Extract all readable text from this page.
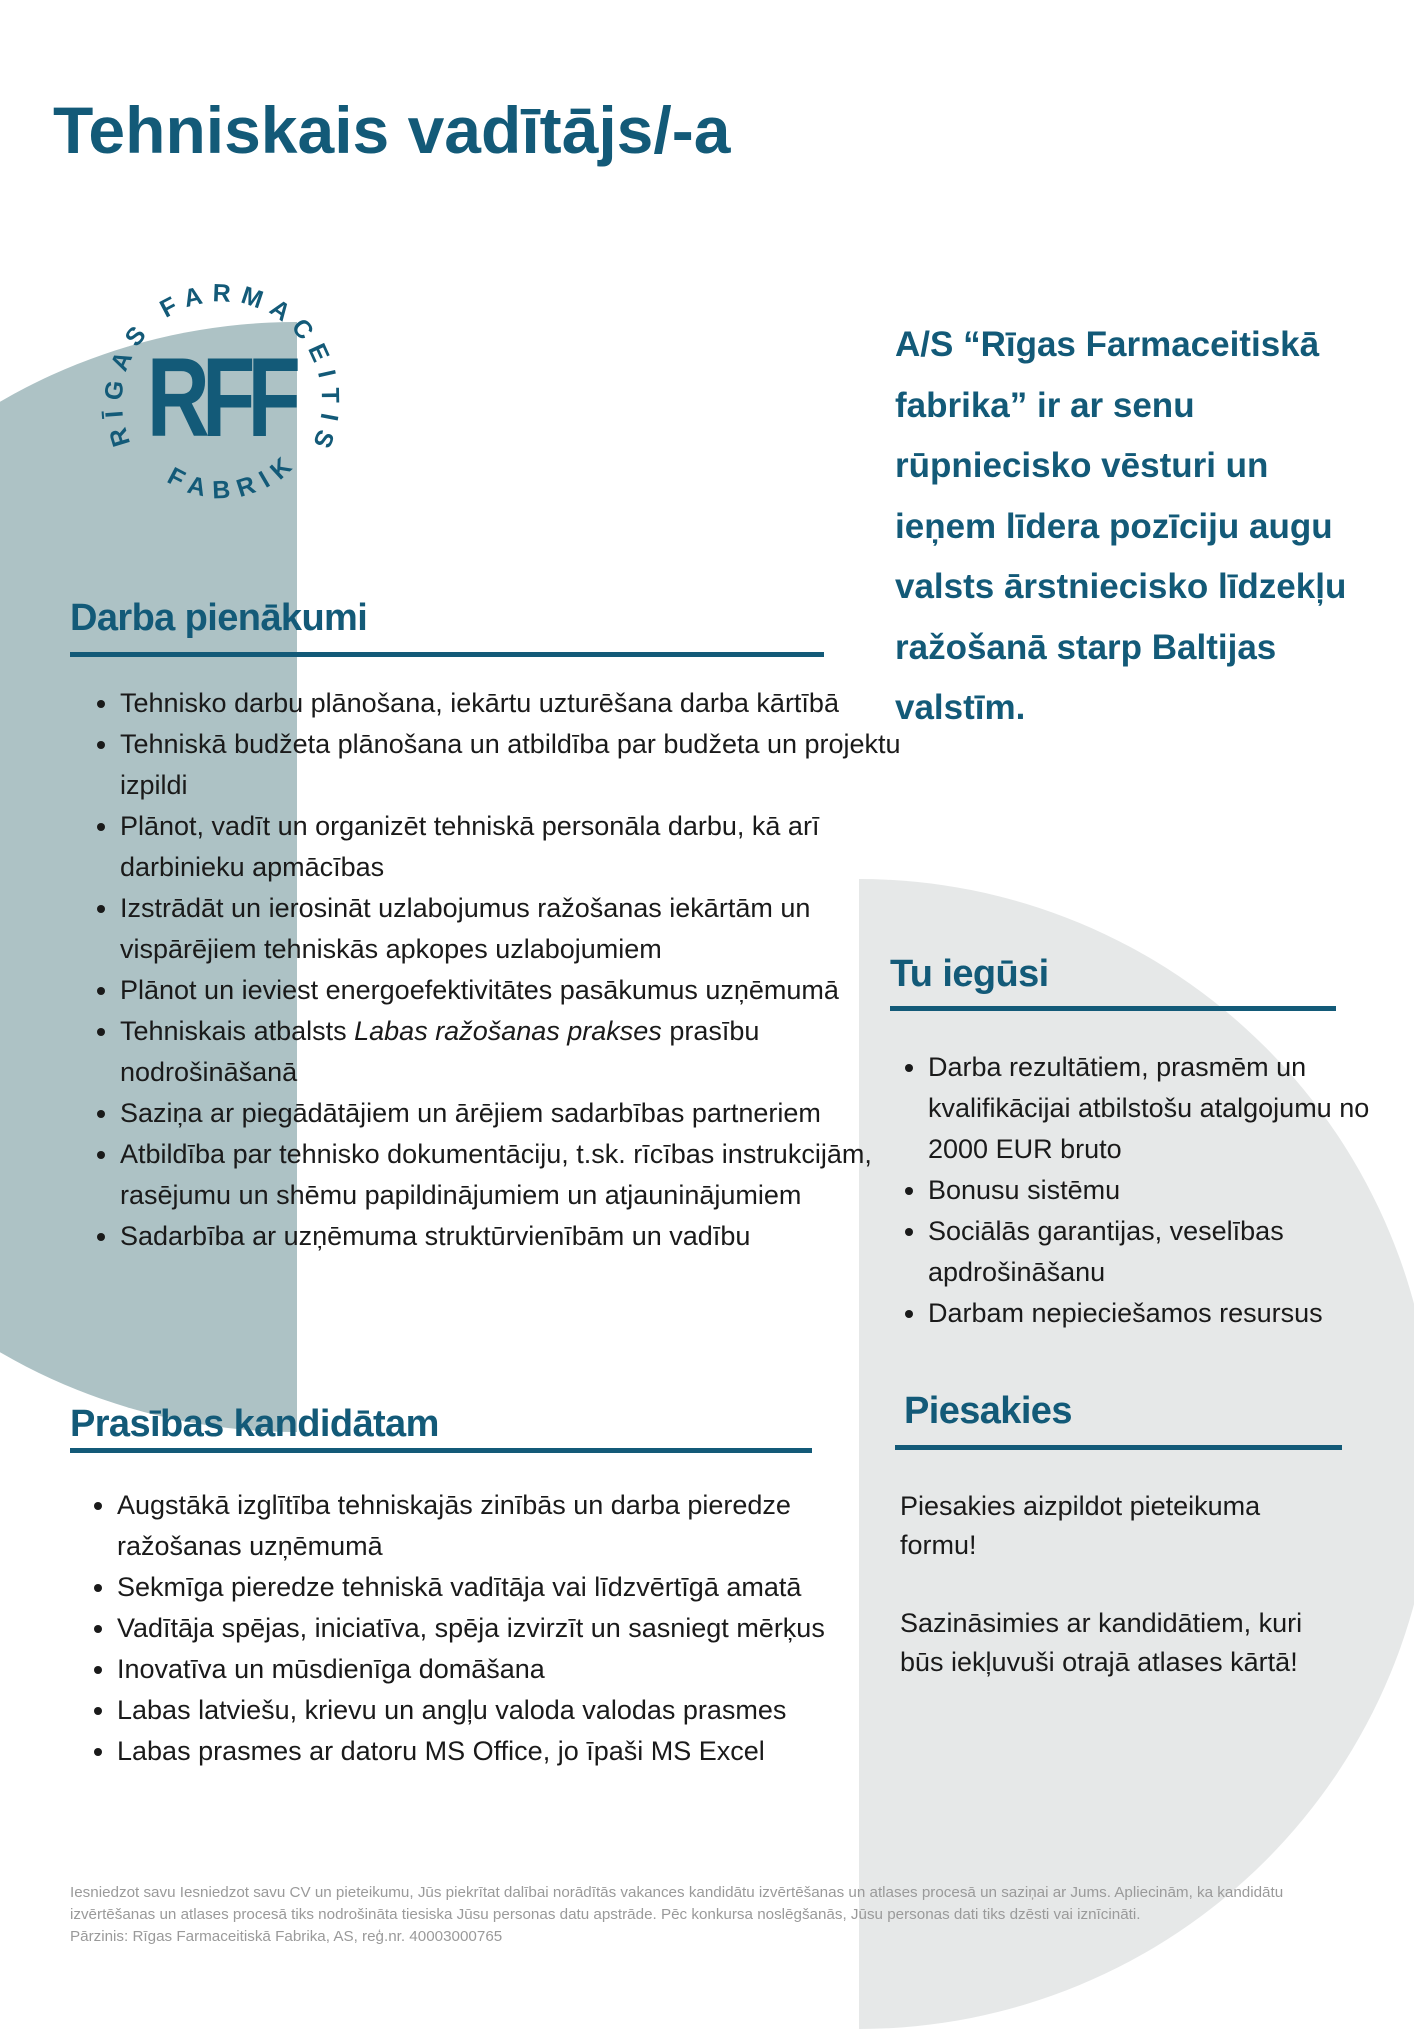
Tehniskais vadītājs/-a
RĪGAS FARMACEITIS
FABRIK
RFF	A/S “Rīgas Farmaceitiskā fabrika” ir ar senu rūpniecisko vēsturi un ieņem līdera pozīciju augu valsts ārstniecisko līdzekļu ražošanā starp Baltijas valstīm.

Darba pienākumi
• Tehnisko darbu plānošana, iekārtu uzturēšana darba kārtībā
• Tehniskā budžeta plānošana un atbildība par budžeta un projektu izpildi
• Plānot, vadīt un organizēt tehniskā personāla darbu, kā arī darbinieku apmācības
• Izstrādāt un ierosināt uzlabojumus ražošanas iekārtām un vispārējiem tehniskās apkopes uzlabojumiem
• Plānot un ieviest energoefektivitātes pasākumus uzņēmumā
• Tehniskais atbalsts Labas ražošanas prakses prasību nodrošināšanā
• Saziņa ar piegādātājiem un ārējiem sadarbības partneriem
• Atbildība par tehnisko dokumentāciju, t.sk. rīcības instrukcijām, rasējumu un shēmu papildinājumiem un atjauninājumiem
• Sadarbība ar uzņēmuma struktūrvienībām un vadību
Prasības kandidātam
• Augstākā izglītība tehniskajās zinībās un darba pieredze ražošanas uzņēmumā
• Sekmīga pieredze tehniskā vadītāja vai līdzvērtīgā amatā
• Vadītāja spējas, iniciatīva, spēja izvirzīt un sasniegt mērķus
• Inovatīva un mūsdienīga domāšana
• Labas latviešu, krievu un angļu valoda valodas prasmes
• Labas prasmes ar datoru MS Office, jo īpaši MS Excel
Tu iegūsi
• Darba rezultātiem, prasmēm un kvalifikācijai atbilstošu atalgojumu no 2000 EUR bruto
• Bonusu sistēmu
• Sociālās garantijas, veselības apdrošināšanu
• Darbam nepieciešamos resursus
Piesakies

Piesakies aizpildot pieteikuma formu!

Sazināsimies ar kandidātiem, kuri būs iekļuvuši otrajā atlases kārtā!

Iesniedzot savu Iesniedzot savu CV un pieteikumu, Jūs piekrītat dalībai norādītās vakances kandidātu izvērtēšanas un atlases procesā un saziņai ar Jums. Apliecinām, ka kandidātu izvērtēšanas un atlases procesā tiks nodrošināta tiesiska Jūsu personas datu apstrāde. Pēc konkursa noslēgšanās, Jūsu personas dati tiks dzēsti vai iznīcināti.
Pārzinis: Rīgas Farmaceitiskā Fabrika, AS, reģ.nr. 40003000765
